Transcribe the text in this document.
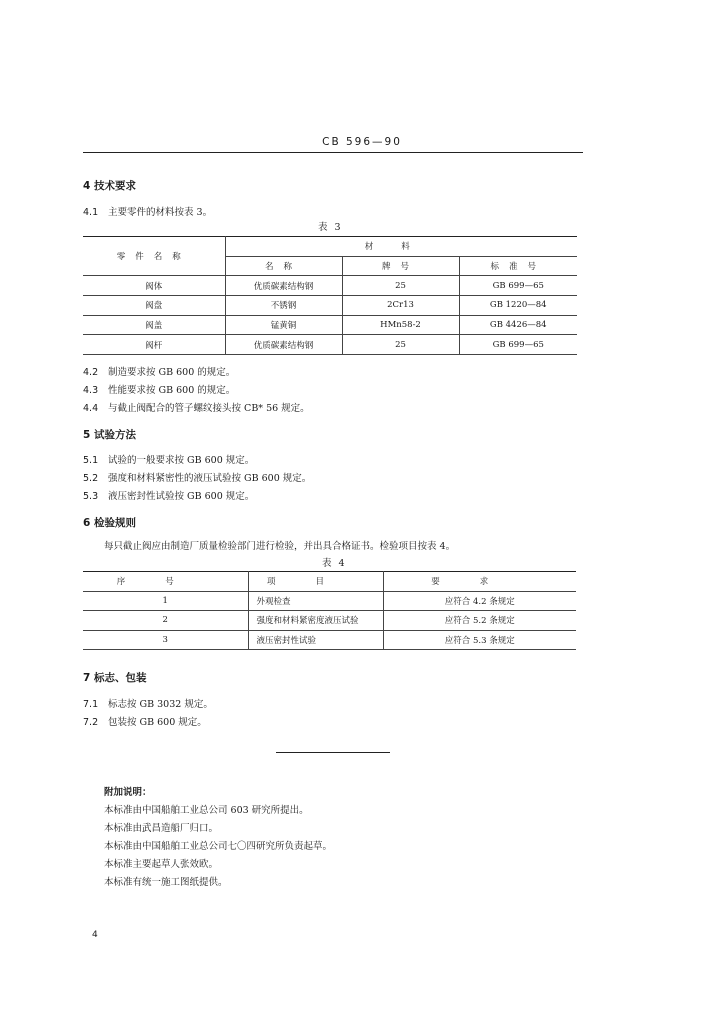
CB 596—90
4 技术要求
4.1 主要零件的材料按表 3。
表 3
零件名称	材料		
	名称	牌号	标准号
阀体	优质碳素结构钢	25	GB 699—65
阀盘	不锈钢	2Cr13	GB 1220—84
阀盖	锰黄铜	HMn58-2	GB 4426—84
阀杆	优质碳素结构钢	25	GB 699—65
4.2 制造要求按 GB 600 的规定。
4.3 性能要求按 GB 600 的规定。
4.4 与截止阀配合的管子螺纹接头按 CB* 56 规定。
5 试验方法
5.1 试验的一般要求按 GB 600 规定。
5.2 强度和材料紧密性的液压试验按 GB 600 规定。
5.3 液压密封性试验按 GB 600 规定。
6 检验规则
每只截止阀应由制造厂质量检验部门进行检验，并出具合格证书。检验项目按表 4。
表 4
序号	项目	要求
1	外观检查	应符合 4.2 条规定
2	强度和材料紧密度液压试验	应符合 5.2 条规定
3	液压密封性试验	应符合 5.3 条规定
7 标志、包装
7.1 标志按 GB 3032 规定。
7.2 包装按 GB 600 规定。
附加说明：
本标准由中国船舶工业总公司 603 研究所提出。
本标准由武昌造船厂归口。
本标准由中国船舶工业总公司七〇四研究所负责起草。
本标准主要起草人张效欧。
本标准有统一施工图纸提供。
4
